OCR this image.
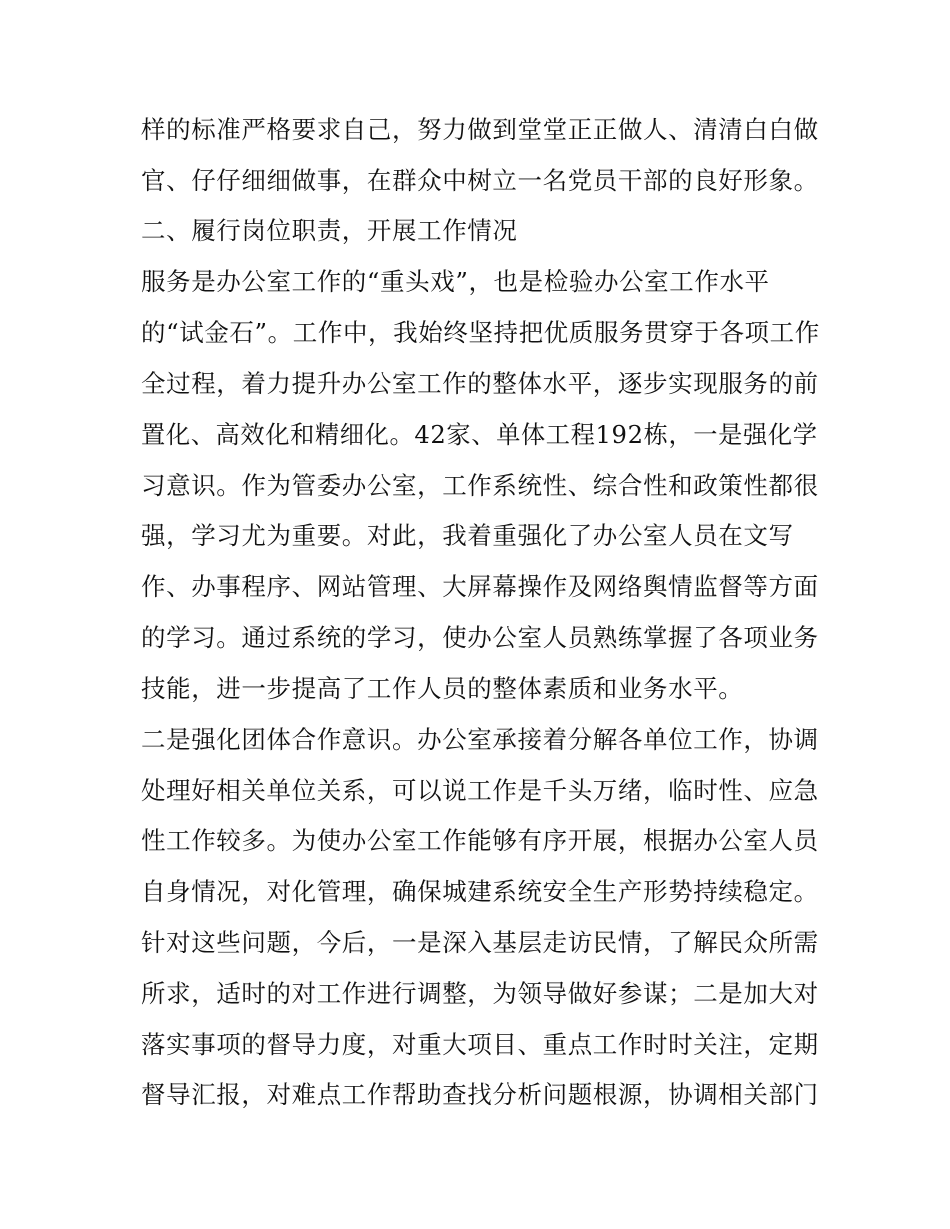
样的标准严格要求自己，努力做到堂堂正正做人、清清白白做
官、仔仔细细做事，在群众中树立一名党员干部的良好形象。
二、履行岗位职责，开展工作情况
服务是办公室工作的“重头戏”，也是检验办公室工作水平
的“试金石”。工作中，我始终坚持把优质服务贯穿于各项工作
全过程，着力提升办公室工作的整体水平，逐步实现服务的前
置化、高效化和精细化。42家、单体工程192栋，一是强化学
习意识。作为管委办公室，工作系统性、综合性和政策性都很
强，学习尤为重要。对此，我着重强化了办公室人员在文写
作、办事程序、网站管理、大屏幕操作及网络舆情监督等方面
的学习。通过系统的学习，使办公室人员熟练掌握了各项业务
技能，进一步提高了工作人员的整体素质和业务水平。
二是强化团体合作意识。办公室承接着分解各单位工作，协调
处理好相关单位关系，可以说工作是千头万绪，临时性、应急
性工作较多。为使办公室工作能够有序开展，根据办公室人员
自身情况，对化管理，确保城建系统安全生产形势持续稳定。
针对这些问题，今后，一是深入基层走访民情，了解民众所需
所求，适时的对工作进行调整，为领导做好参谋；二是加大对
落实事项的督导力度，对重大项目、重点工作时时关注，定期
督导汇报，对难点工作帮助查找分析问题根源，协调相关部门
